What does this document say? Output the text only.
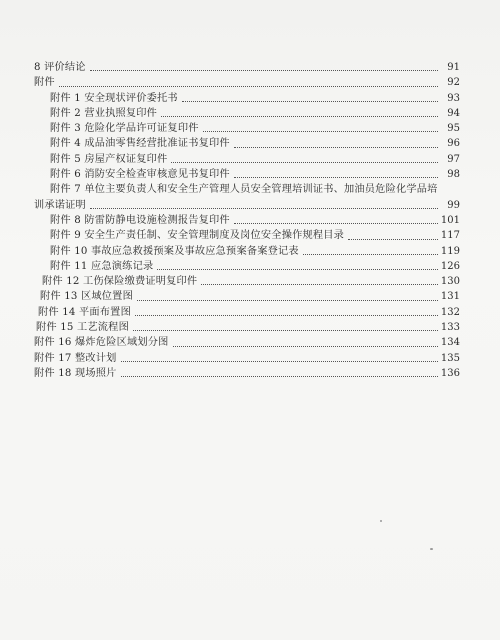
8 评价结论	91
附件	92
附件 1 安全现状评价委托书	93
附件 2 营业执照复印件	94
附件 3 危险化学品许可证复印件	95
附件 4 成品油零售经营批准证书复印件	96
附件 5 房屋产权证复印件	97
附件 6 消防安全检查审核意见书复印件	98
附件 7 单位主要负责人和安全生产管理人员安全管理培训证书、加油员危险化学品培
训承诺证明	99
附件 8 防雷防静电设施检测报告复印件	101
附件 9 安全生产责任制、安全管理制度及岗位安全操作规程目录	117
附件 10 事故应急救援预案及事故应急预案备案登记表	119
附件 11 应急演练记录	126
附件 12 工伤保险缴费证明复印件	130
附件 13 区域位置图	131
附件 14 平面布置图	132
附件 15 工艺流程图	133
附件 16 爆炸危险区域划分图	134
附件 17 整改计划	135
附件 18 现场照片	136
